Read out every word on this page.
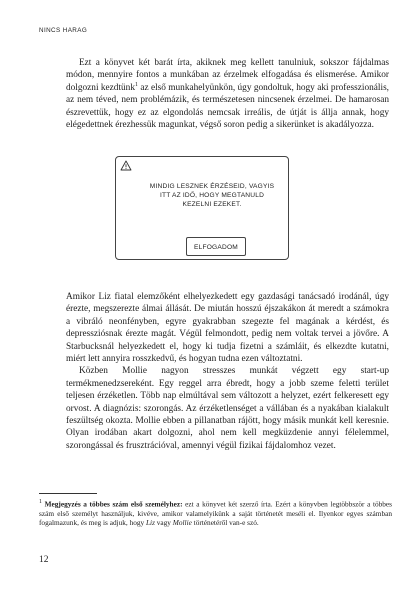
NINCS HARAG

Ezt a könyvet két barát írta, akiknek meg kellett tanulniuk, sokszor fájdalmas módon, mennyire fontos a munkában az érzelmek elfogadása és elismerése. Amikor dolgozni kezdtünk$^1$ az első munkahelyünkön, úgy gondoltuk, hogy aki professzionális, az nem téved, nem problémázik, és természetesen nincsenek érzelmei. De hamarosan észrevettük, hogy ez az elgondolás nemcsak irreális, de útját is állja annak, hogy elégedettnek érezhessük magunkat, végső soron pedig a sikerünket is akadályozza.

MINDIG LESZNEK ÉRZÉSEID, VAGYIS ITT AZ IDŐ, HOGY MEGTANULD KEZELNI EZEKET.
ELFOGADOM

Amikor Liz fiatal elemzőként elhelyezkedett egy gazdasági tanácsadó irodánál, úgy érezte, megszerezte álmai állását. De miután hosszú éjszakákon át meredt a számokra a vibráló neonfényben, egyre gyakrabban szegezte fel magának a kérdést, és depressziósnak érezte magát. Végül felmondott, pedig nem voltak tervei a jövőre. A Starbucksnál helyezkedett el, hogy ki tudja fizetni a számláit, és elkezdte kutatni, miért lett annyira rosszkedvű, és hogyan tudna ezen változtatni.

Közben Mollie nagyon stresszes munkát végzett egy start-up termékmenedzsereként. Egy reggel arra ébredt, hogy a jobb szeme feletti terület teljesen érzéketlen. Több nap elmúltával sem változott a helyzet, ezért felkeresett egy orvost. A diagnózis: szorongás. Az érzéketlenséget a vállában és a nyakában kialakult feszültség okozta. Mollie ebben a pillanatban rájött, hogy másik munkát kell keresnie. Olyan irodában akart dolgozni, ahol nem kell megküzdenie annyi félelemmel, szorongással és frusztrációval, amennyi végül fizikai fájdalomhoz vezet.

$^1$ Megjegyzés a többes szám első személyhez: ezt a könyvet két szerző írta. Ezért a könyvben legtöbbször a többes szám első személyt használjuk, kivéve, amikor valamelyikünk a saját történetét meséli el. Ilyenkor egyes számban fogalmazunk, és meg is adjuk, hogy Liz vagy Mollie történetéről van-e szó.
12
